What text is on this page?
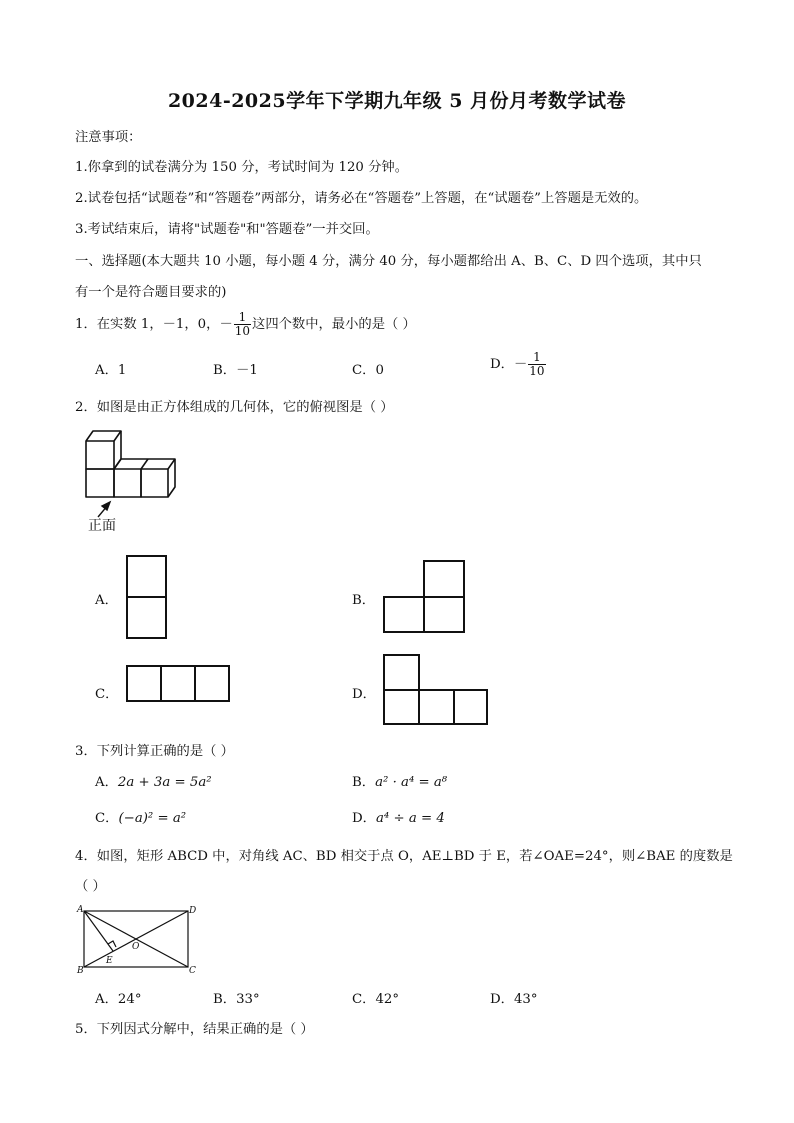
2024-2025学年下学期九年级 5 月份月考数学试卷
注意事项：
1.你拿到的试卷满分为 150 分，考试时间为 120 分钟。
2.试卷包括“试题卷”和“答题卷”两部分，请务必在“答题卷”上答题，在“试题卷”上答题是无效的。
3.考试结束后，请将"试题卷"和"答题卷”一并交回。
一、选择题(本大题共 10 小题，每小题 4 分，满分 40 分，每小题都给出 A、B、C、D 四个选项，其中只
有一个是符合题目要求的)
1．在实数 1，－1，0，－ $\frac{1}{10}$ 这四个数中，最小的是（ ）
A．1	B．－1	C．0	D．－ $\frac{1}{10}$
2．如图是由正方体组成的几何体，它的俯视图是（ ）
正面
A．	B．
C．	D．
3．下列计算正确的是（ ）
A．2a + 3a = 5a²	B．a² · a⁴ = a⁸
C．(−a)² = a²	D．a⁴ ÷ a = 4
4．如图，矩形 ABCD 中，对角线 AC、BD 相交于点 O，AE⊥BD 于 E，若∠OAE=24°，则∠BAE 的度数是
（ ）
A
B	C
D
O
E
A．24°	B．33°	C．42°	D．43°
5．下列因式分解中，结果正确的是（ ）
